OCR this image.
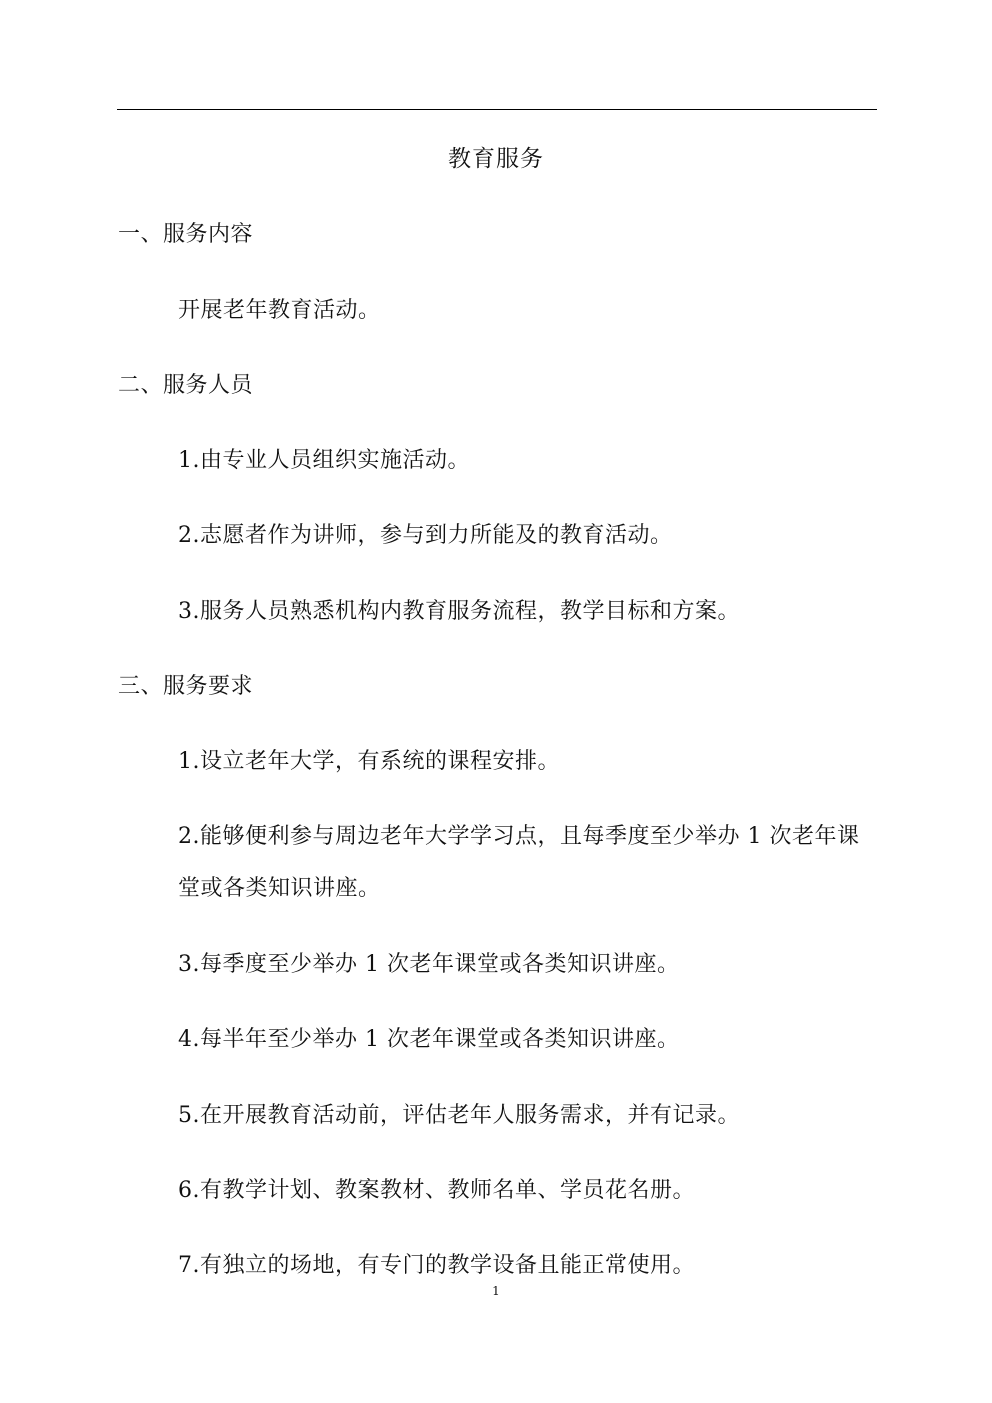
教育服务
一、服务内容
开展老年教育活动。
二、服务人员
1.由专业人员组织实施活动。
2.志愿者作为讲师，参与到力所能及的教育活动。
3.服务人员熟悉机构内教育服务流程，教学目标和方案。
三、服务要求
1.设立老年大学，有系统的课程安排。
2.能够便利参与周边老年大学学习点，且每季度至少举办 1 次老年课
堂或各类知识讲座。
3.每季度至少举办 1 次老年课堂或各类知识讲座。
4.每半年至少举办 1 次老年课堂或各类知识讲座。
5.在开展教育活动前，评估老年人服务需求，并有记录。
6.有教学计划、教案教材、教师名单、学员花名册。
7.有独立的场地，有专门的教学设备且能正常使用。
1
